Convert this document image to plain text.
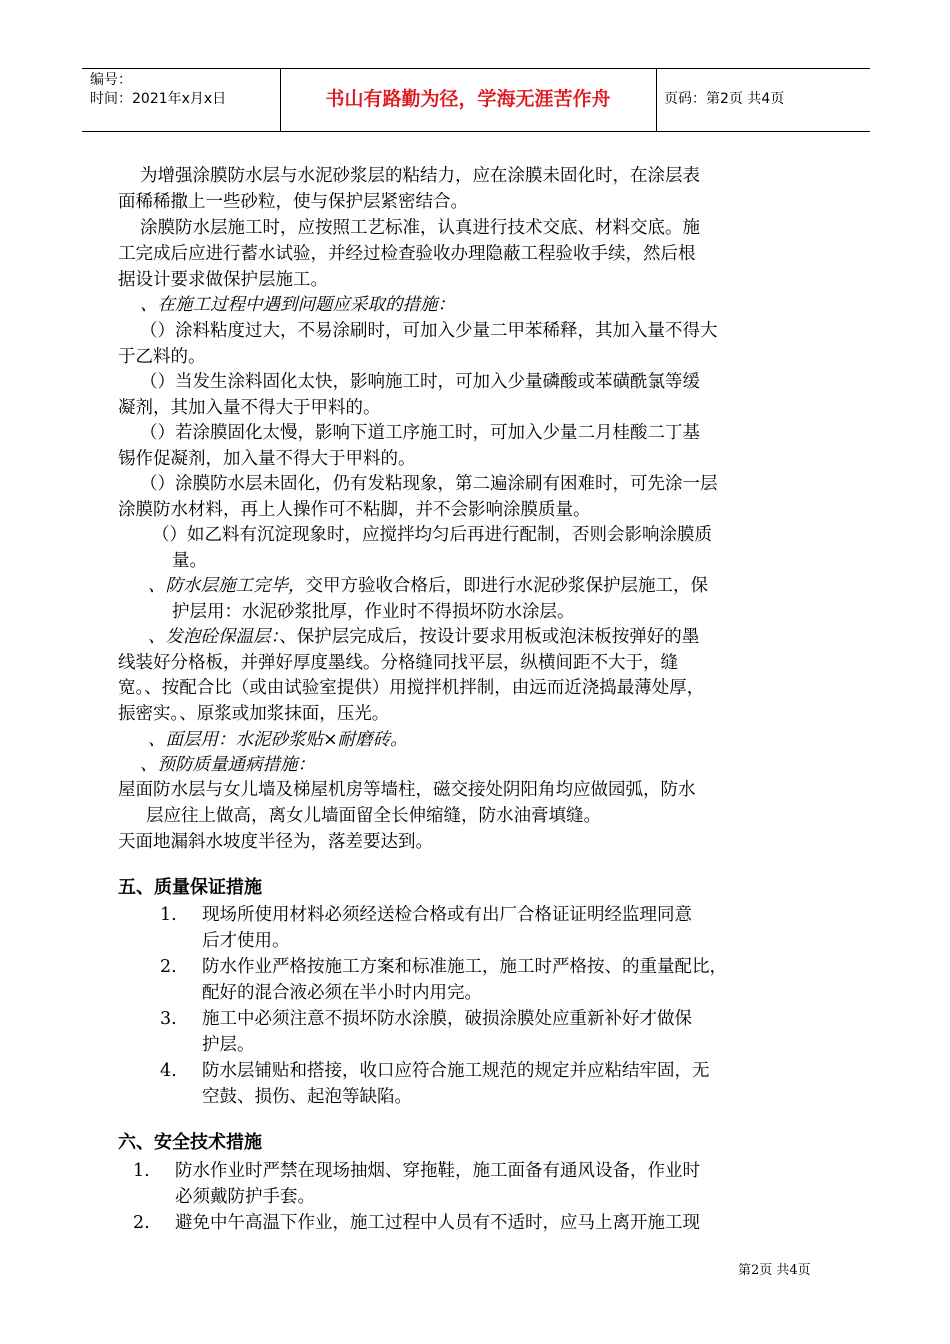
编号：
时间：2021年x月x日	书山有路勤为径，学海无涯苦作舟	页码：第2页 共4页
为增强涂膜防水层与水泥砂浆层的粘结力，应在涂膜未固化时，在涂层表
面稀稀撒上一些砂粒，使与保护层紧密结合。
涂膜防水层施工时，应按照工艺标准，认真进行技术交底、材料交底。施
工完成后应进行蓄水试验，并经过检查验收办理隐蔽工程验收手续，然后根
据设计要求做保护层施工。
、在施工过程中遇到问题应采取的措施：
（）涂料粘度过大，不易涂刷时，可加入少量二甲苯稀释，其加入量不得大
于乙料的。
（）当发生涂料固化太快，影响施工时，可加入少量磷酸或苯磺酰氯等缓
凝剂，其加入量不得大于甲料的。
（）若涂膜固化太慢，影响下道工序施工时，可加入少量二月桂酸二丁基
锡作促凝剂，加入量不得大于甲料的。
（）涂膜防水层未固化，仍有发粘现象，第二遍涂刷有困难时，可先涂一层
涂膜防水材料，再上人操作可不粘脚，并不会影响涂膜质量。
（）如乙料有沉淀现象时，应搅拌均匀后再进行配制，否则会影响涂膜质
量。
、防水层施工完毕，交甲方验收合格后，即进行水泥砂浆保护层施工，保
护层用：水泥砂浆批厚，作业时不得损坏防水涂层。
、发泡砼保温层：、保护层完成后，按设计要求用板或泡沫板按弹好的墨
线装好分格板，并弹好厚度墨线。分格缝同找平层，纵横间距不大于，缝
宽。、按配合比（或由试验室提供）用搅拌机拌制，由远而近浇捣最薄处厚，
振密实。、原浆或加浆抹面，压光。
、面层用：水泥砂浆贴×耐磨砖。
、预防质量通病措施：
屋面防水层与女儿墙及梯屋机房等墙柱，磁交接处阴阳角均应做园弧，防水
层应往上做高，离女儿墙面留全长伸缩缝，防水油膏填缝。
天面地漏斜水坡度半径为，落差要达到。
五、质量保证措施
1. 现场所使用材料必须经送检合格或有出厂合格证证明经监理同意
后才使用。
2. 防水作业严格按施工方案和标准施工，施工时严格按、的重量配比，
配好的混合液必须在半小时内用完。
3. 施工中必须注意不损坏防水涂膜，破损涂膜处应重新补好才做保
护层。
4. 防水层铺贴和搭接，收口应符合施工规范的规定并应粘结牢固，无
空鼓、损伤、起泡等缺陷。
六、安全技术措施
1. 防水作业时严禁在现场抽烟、穿拖鞋，施工面备有通风设备，作业时
必须戴防护手套。
2. 避免中午高温下作业，施工过程中人员有不适时，应马上离开施工现
第2页 共4页
